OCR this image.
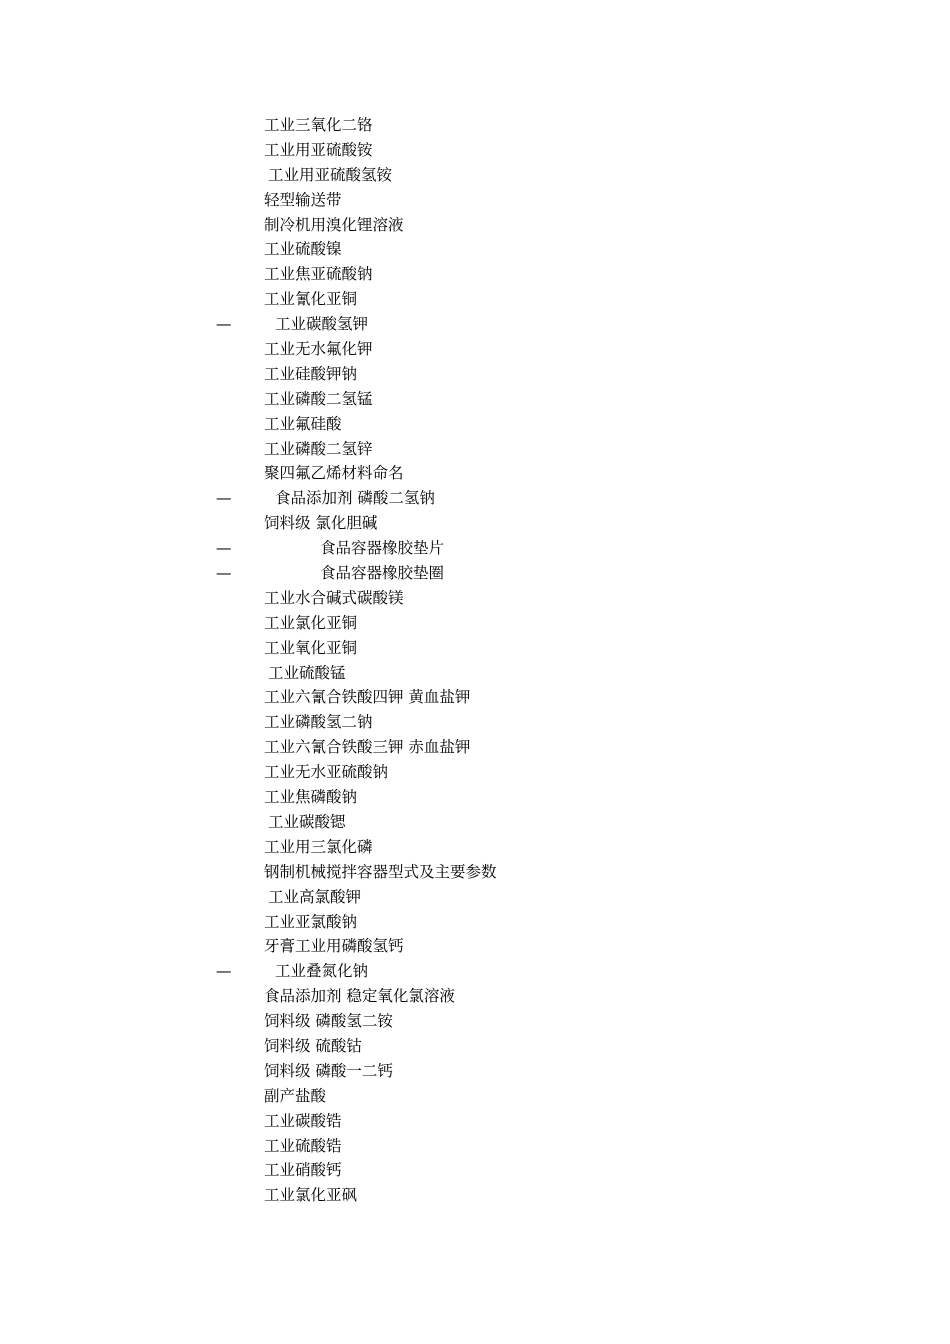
工业三氧化二铬
工业用亚硫酸铵
工业用亚硫酸氢铵
轻型输送带
制冷机用溴化锂溶液
工业硫酸镍
工业焦亚硫酸钠
工业氰化亚铜
—	工业碳酸氢钾
工业无水氟化钾
工业硅酸钾钠
工业磷酸二氢锰
工业氟硅酸
工业磷酸二氢锌
聚四氟乙烯材料命名
—	食品添加剂 磷酸二氢钠
饲料级 氯化胆碱
—	食品容器橡胶垫片
—	食品容器橡胶垫圈
工业水合碱式碳酸镁
工业氯化亚铜
工业氧化亚铜
工业硫酸锰
工业六氰合铁酸四钾 黄血盐钾
工业磷酸氢二钠
工业六氰合铁酸三钾 赤血盐钾
工业无水亚硫酸钠
工业焦磷酸钠
工业碳酸锶
工业用三氯化磷
钢制机械搅拌容器型式及主要参数
工业高氯酸钾
工业亚氯酸钠
牙膏工业用磷酸氢钙
—	工业叠氮化钠
食品添加剂 稳定氧化氯溶液
饲料级 磷酸氢二铵
饲料级 硫酸钴
饲料级 磷酸一二钙
副产盐酸
工业碳酸锆
工业硫酸锆
工业硝酸钙
工业氯化亚砜
